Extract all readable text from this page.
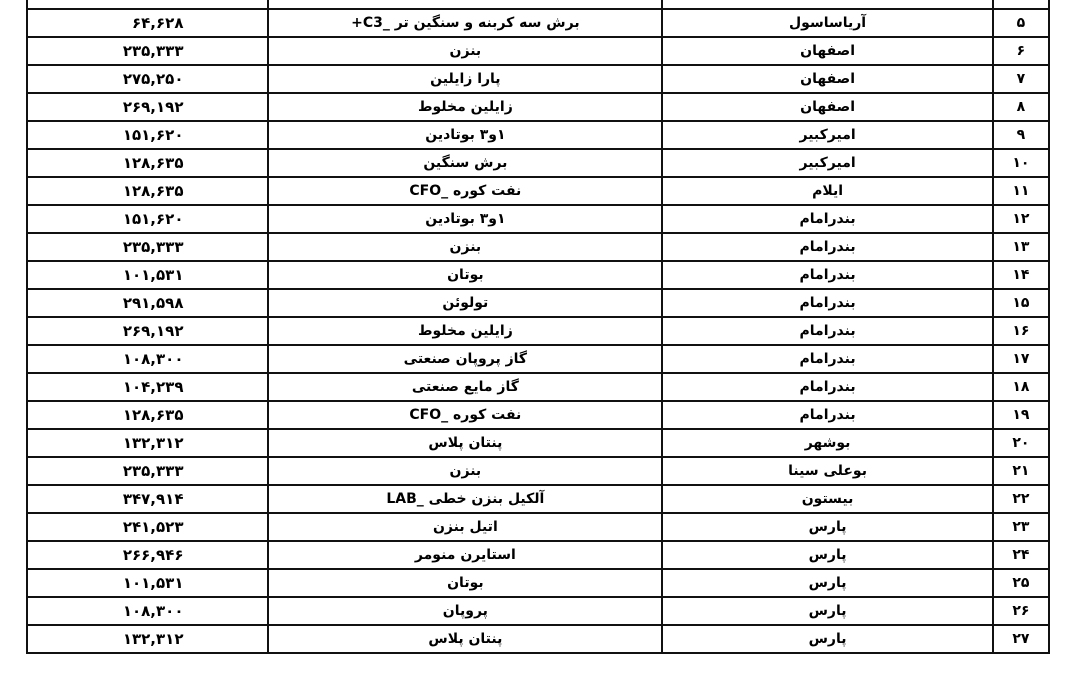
۵	آریاساسول	برش سه کربنه و سنگین تر _C3+	۶۴,۶۲۸
۶	اصفهان	بنزن	۲۳۵,۳۳۳
۷	اصفهان	پارا زایلین	۲۷۵,۲۵۰
۸	اصفهان	زایلین مخلوط	۲۶۹,۱۹۲
۹	امیرکبیر	۱و۳ بوتادین	۱۵۱,۶۲۰
۱۰	امیرکبیر	برش سنگین	۱۲۸,۶۳۵
۱۱	ایلام	نفت کوره _CFO	۱۲۸,۶۳۵
۱۲	بندرامام	۱و۳ بوتادین	۱۵۱,۶۲۰
۱۳	بندرامام	بنزن	۲۳۵,۳۳۳
۱۴	بندرامام	بوتان	۱۰۱,۵۳۱
۱۵	بندرامام	تولوئن	۲۹۱,۵۹۸
۱۶	بندرامام	زایلین مخلوط	۲۶۹,۱۹۲
۱۷	بندرامام	گاز پروپان صنعتی	۱۰۸,۳۰۰
۱۸	بندرامام	گاز مایع صنعتی	۱۰۴,۲۳۹
۱۹	بندرامام	نفت کوره _CFO	۱۲۸,۶۳۵
۲۰	بوشهر	پنتان پلاس	۱۳۲,۳۱۲
۲۱	بوعلی سینا	بنزن	۲۳۵,۳۳۳
۲۲	بیستون	آلکیل بنزن خطی _LAB	۳۴۷,۹۱۴
۲۳	پارس	اتیل بنزن	۲۴۱,۵۲۳
۲۴	پارس	استایرن منومر	۲۶۶,۹۴۶
۲۵	پارس	بوتان	۱۰۱,۵۳۱
۲۶	پارس	پروپان	۱۰۸,۳۰۰
۲۷	پارس	پنتان پلاس	۱۳۲,۳۱۲
